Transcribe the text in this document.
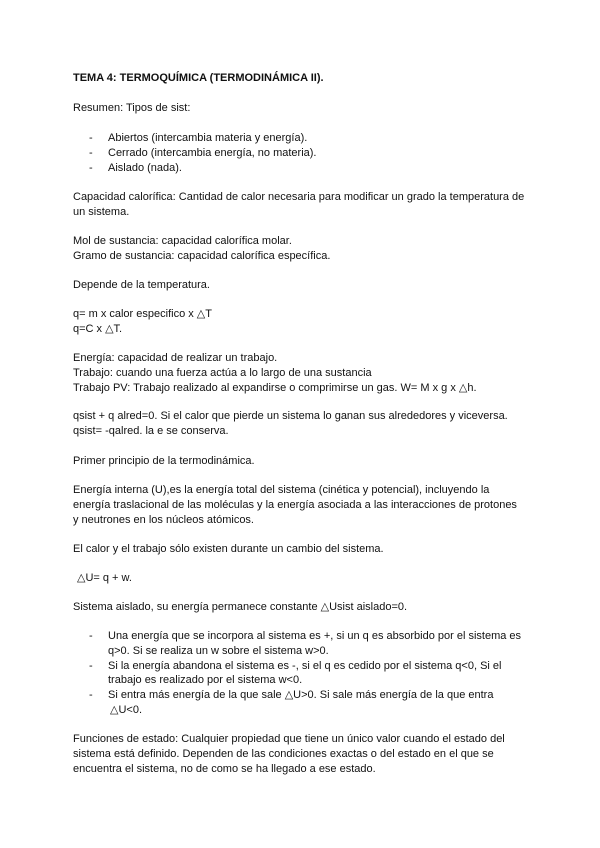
TEMA 4: TERMOQUÍMICA (TERMODINÁMICA II).
Resumen: Tipos de sist:
- Abiertos (intercambia materia y energía).
- Cerrado (intercambia energía, no materia).
- Aislado (nada).
Capacidad calorífica: Cantidad de calor necesaria para modificar un grado la temperatura de
un sistema.
Mol de sustancia: capacidad calorífica molar.
Gramo de sustancia: capacidad calorífica específica.
Depende de la temperatura.
q= m x calor especifico x △T
q=C x △T.
Energía: capacidad de realizar un trabajo.
Trabajo: cuando una fuerza actúa a lo largo de una sustancia
Trabajo PV: Trabajo realizado al expandirse o comprimirse un gas. W= M x g x △h.
qsist + q alred=0. Si el calor que pierde un sistema lo ganan sus alrededores y viceversa.
qsist= -qalred. la e se conserva.
Primer principio de la termodinámica.
Energía interna (U),es la energía total del sistema (cinética y potencial), incluyendo la
energía traslacional de las moléculas y la energía asociada a las interacciones de protones
y neutrones en los núcleos atómicos.
El calor y el trabajo sólo existen durante un cambio del sistema.
△U= q + w.
Sistema aislado, su energía permanece constante △Usist aislado=0.
- Una energía que se incorpora al sistema es +, si un q es absorbido por el sistema es
q>0. Si se realiza un w sobre el sistema w>0.
- Si la energía abandona el sistema es -, si el q es cedido por el sistema q<0, Si el
trabajo es realizado por el sistema w<0.
- Si entra más energía de la que sale △U>0. Si sale más energía de la que entra
△U<0.
Funciones de estado: Cualquier propiedad que tiene un único valor cuando el estado del
sistema está definido. Dependen de las condiciones exactas o del estado en el que se
encuentra el sistema, no de como se ha llegado a ese estado.
